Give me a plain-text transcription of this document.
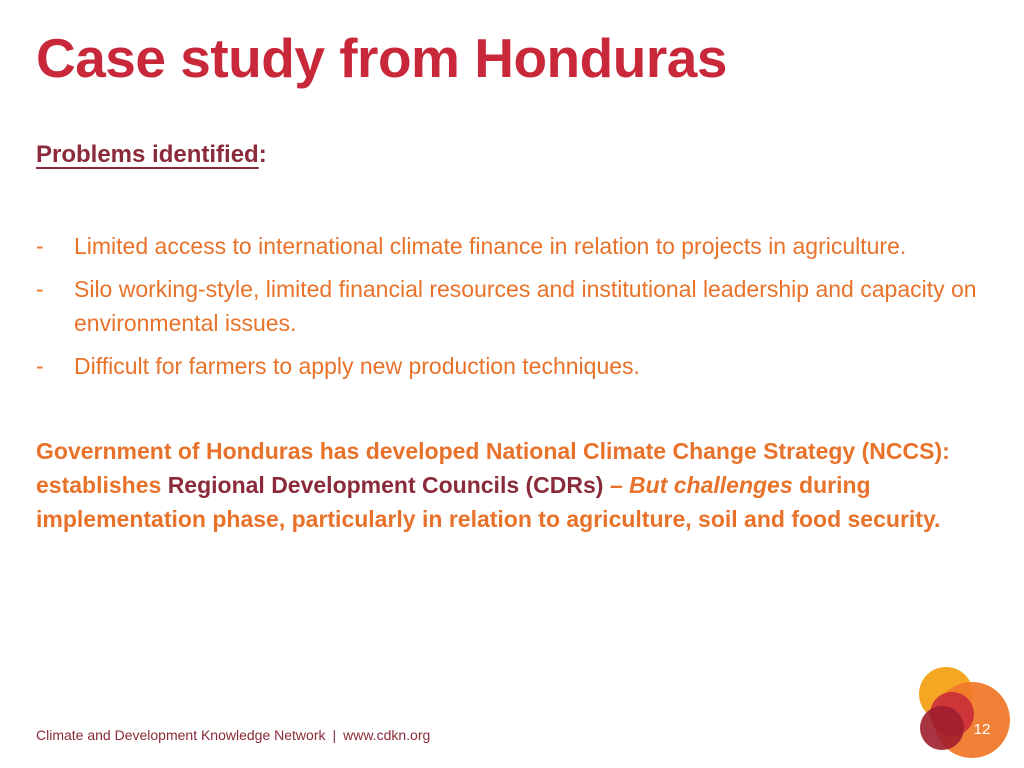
Case study from Honduras
Problems identified:
- Limited access to international climate finance in relation to projects in agriculture.
- Silo working-style, limited financial resources and institutional leadership and capacity on environmental issues.
- Difficult for farmers to apply new production techniques.
Government of Honduras has developed National Climate Change Strategy (NCCS): establishes Regional Development Councils (CDRs) – But challenges during implementation phase, particularly in relation to agriculture, soil and food security.
Climate and Development Knowledge Network | www.cdkn.org	12
